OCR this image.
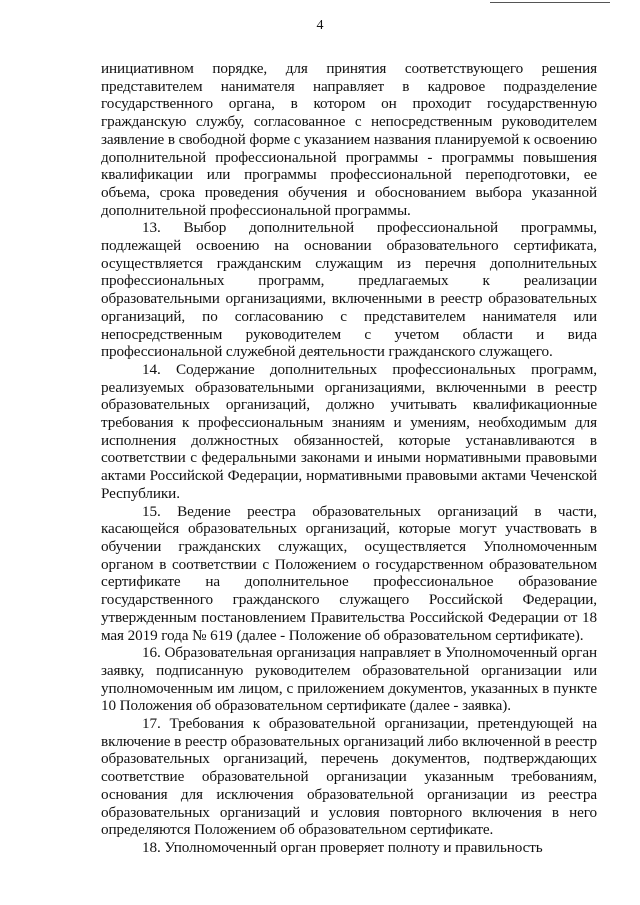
4

инициативном порядке, для принятия соответствующего решения представителем нанимателя направляет в кадровое подразделение государственного органа, в котором он проходит государственную гражданскую службу, согласованное с непосредственным руководителем заявление в свободной форме с указанием названия планируемой к освоению дополнительной профессиональной программы - программы повышения квалификации или программы профессиональной переподготовки, ее объема, срока проведения обучения и обоснованием выбора указанной дополнительной профессиональной программы.

13. Выбор дополнительной профессиональной программы, подлежащей освоению на основании образовательного сертификата, осуществляется гражданским служащим из перечня дополнительных профессиональных программ, предлагаемых к реализации образовательными организациями, включенными в реестр образовательных организаций, по согласованию с представителем нанимателя или непосредственным руководителем с учетом области и вида профессиональной служебной деятельности гражданского служащего.

14. Содержание дополнительных профессиональных программ, реализуемых образовательными организациями, включенными в реестр образовательных организаций, должно учитывать квалификационные требования к профессиональным знаниям и умениям, необходимым для исполнения должностных обязанностей, которые устанавливаются в соответствии с федеральными законами и иными нормативными правовыми актами Российской Федерации, нормативными правовыми актами Чеченской Республики.

15. Ведение реестра образовательных организаций в части, касающейся образовательных организаций, которые могут участвовать в обучении гражданских служащих, осуществляется Уполномоченным органом в соответствии с Положением о государственном образовательном сертификате на дополнительное профессиональное образование государственного гражданского служащего Российской Федерации, утвержденным постановлением Правительства Российской Федерации от 18 мая 2019 года № 619 (далее - Положение об образовательном сертификате).

16. Образовательная организация направляет в Уполномоченный орган заявку, подписанную руководителем образовательной организации или уполномоченным им лицом, с приложением документов, указанных в пункте 10 Положения об образовательном сертификате (далее - заявка).

17. Требования к образовательной организации, претендующей на включение в реестр образовательных организаций либо включенной в реестр образовательных организаций, перечень документов, подтверждающих соответствие образовательной организации указанным требованиям, основания для исключения образовательной организации из реестра образовательных организаций и условия повторного включения в него определяются Положением об образовательном сертификате.

18. Уполномоченный орган проверяет полноту и правильность
